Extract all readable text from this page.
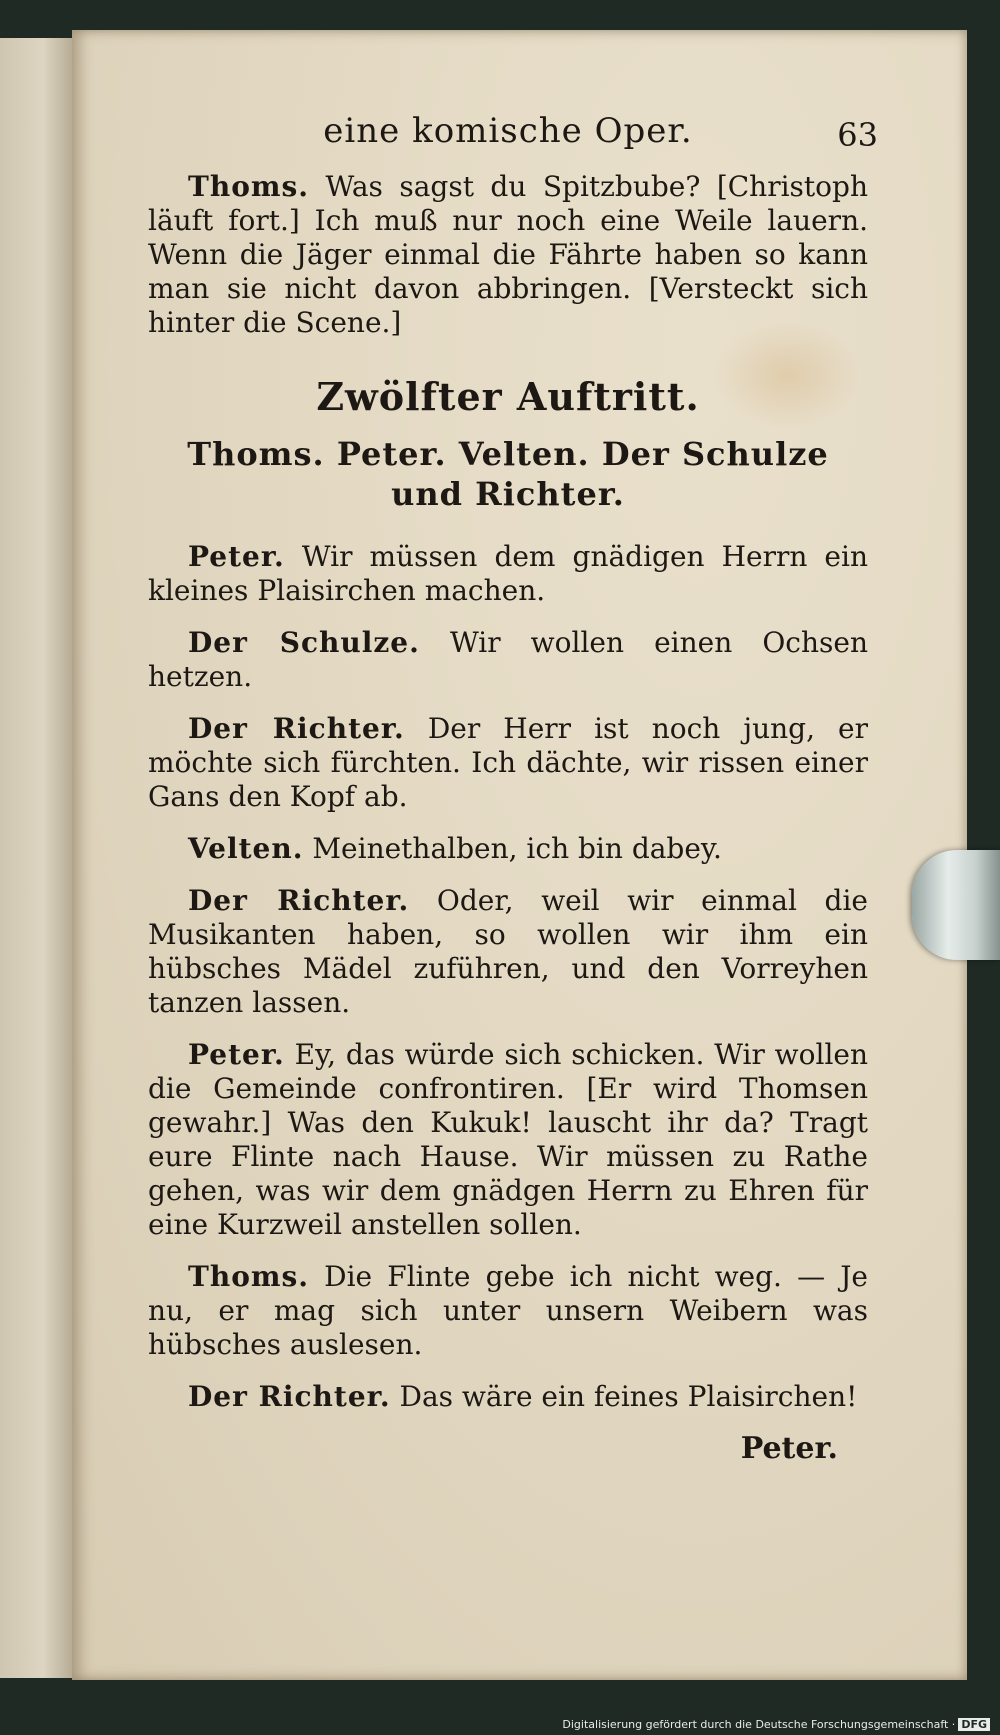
eine komische Oper.	63

Thoms. Was sagst du Spitzbube? [Christoph läuft fort.] Ich muß nur noch eine Weile lauern. Wenn die Jäger einmal die Fährte haben so kann man sie nicht davon abbringen. [Versteckt sich hinter die Scene.]

Zwölfter Auftritt.
Thoms. Peter. Velten. Der Schulze
und Richter.

Peter. Wir müssen dem gnädigen Herrn ein kleines Plaisirchen machen.

Der Schulze. Wir wollen einen Ochsen hetzen.

Der Richter. Der Herr ist noch jung, er möchte sich fürchten. Ich dächte, wir rissen einer Gans den Kopf ab.

Velten. Meinethalben, ich bin dabey.

Der Richter. Oder, weil wir einmal die Musikanten haben, so wollen wir ihm ein hübsches Mädel zuführen, und den Vorreyhen tanzen lassen.

Peter. Ey, das würde sich schicken. Wir wollen die Gemeinde confrontiren. [Er wird Thomsen gewahr.] Was den Kukuk! lauscht ihr da? Tragt eure Flinte nach Hause. Wir müssen zu Rathe gehen, was wir dem gnädgen Herrn zu Ehren für eine Kurzweil anstellen sollen.

Thoms. Die Flinte gebe ich nicht weg. — Je nu, er mag sich unter unsern Weibern was hübsches auslesen.

Der Richter. Das wäre ein feines Plaisirchen!

Peter.
Digitalisierung gefördert durch die Deutsche Forschungsgemeinschaft · DFG
